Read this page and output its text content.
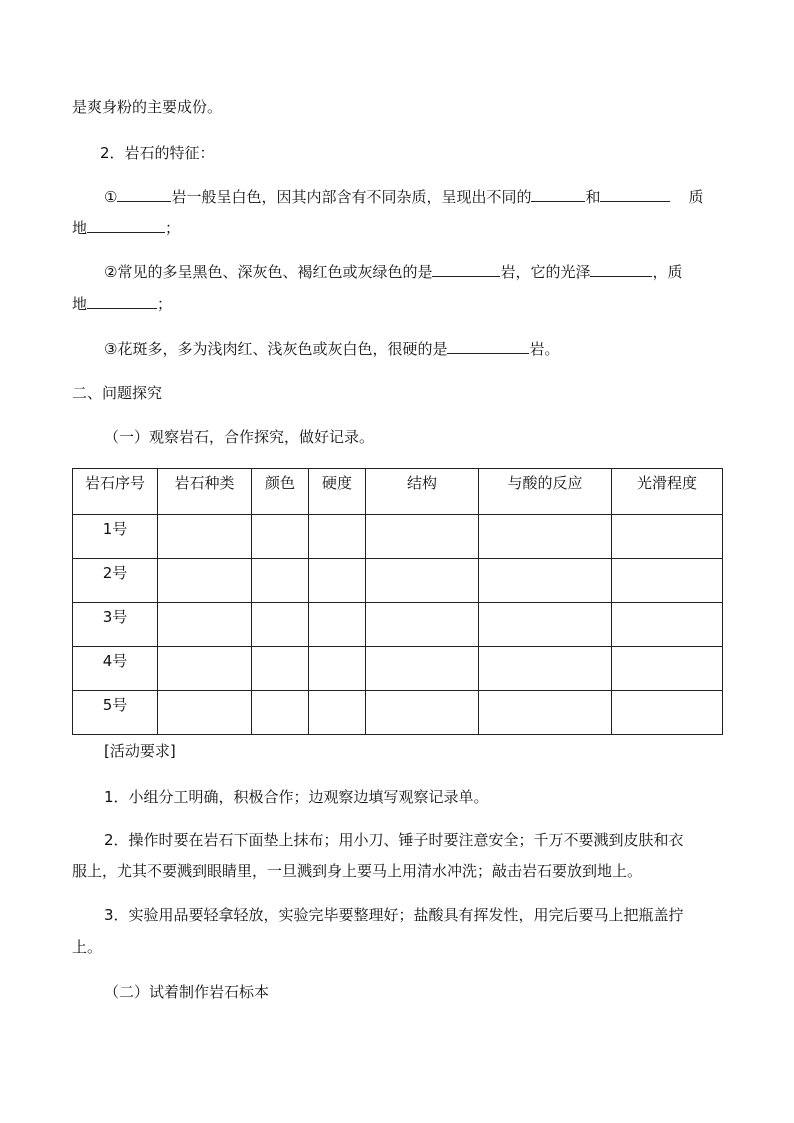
是爽身粉的主要成份。
2．岩石的特征：
①	岩一般呈白色，因其内部含有不同杂质，呈现出不同的	和	质
地	；
②常见的多呈黑色、深灰色、褐红色或灰绿色的是	岩，它的光泽	，质
地	；
③花斑多，多为浅肉红、浅灰色或灰白色，很硬的是	岩。
二、问题探究
（一）观察岩石，合作探究，做好记录。
岩石序号	岩石种类	颜色	硬度	结构	与酸的反应	光滑程度
1号						
2号						
3号						
4号						
5号						
[活动要求]
1．小组分工明确，积极合作；边观察边填写观察记录单。
2．操作时要在岩石下面垫上抹布；用小刀、锤子时要注意安全；千万不要溅到皮肤和衣
服上，尤其不要溅到眼睛里，一旦溅到身上要马上用清水冲洗；敲击岩石要放到地上。
3．实验用品要轻拿轻放，实验完毕要整理好；盐酸具有挥发性，用完后要马上把瓶盖拧
上。
（二）试着制作岩石标本
